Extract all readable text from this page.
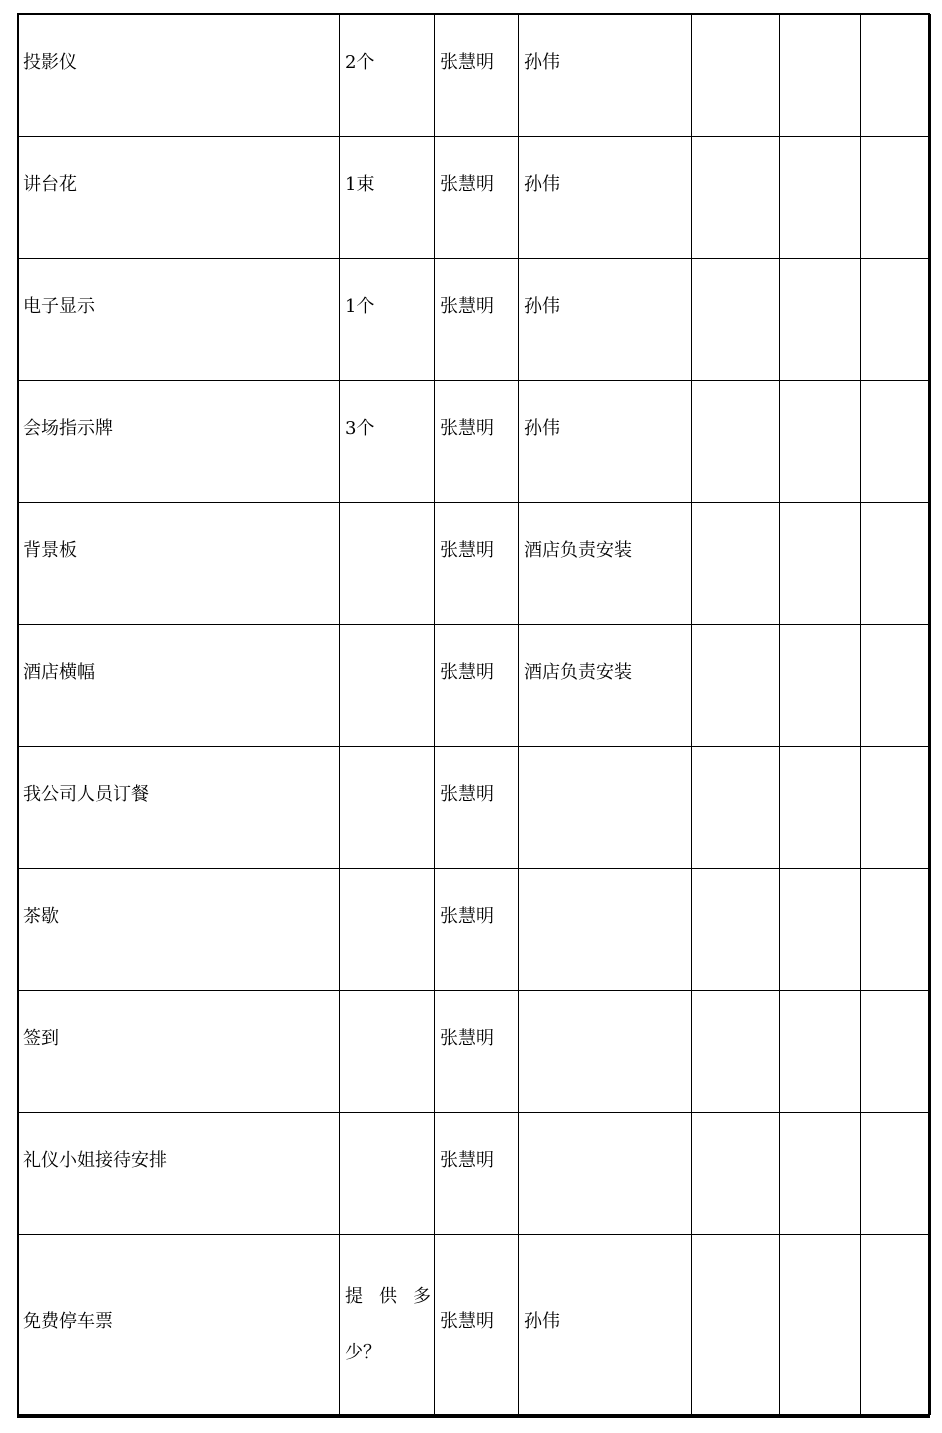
投影仪	2个	张慧明	孙伟			

讲台花	1束	张慧明	孙伟			

电子显示	1个	张慧明	孙伟			

会场指示牌	3个	张慧明	孙伟			

背景板		张慧明	酒店负责安装			

酒店横幅		张慧明	酒店负责安装			

我公司人员订餐		张慧明				

茶歇		张慧明				

签到		张慧明				

礼仪小姐接待安排		张慧明				

免费停车票	提 供 多 少？	张慧明	孙伟			
